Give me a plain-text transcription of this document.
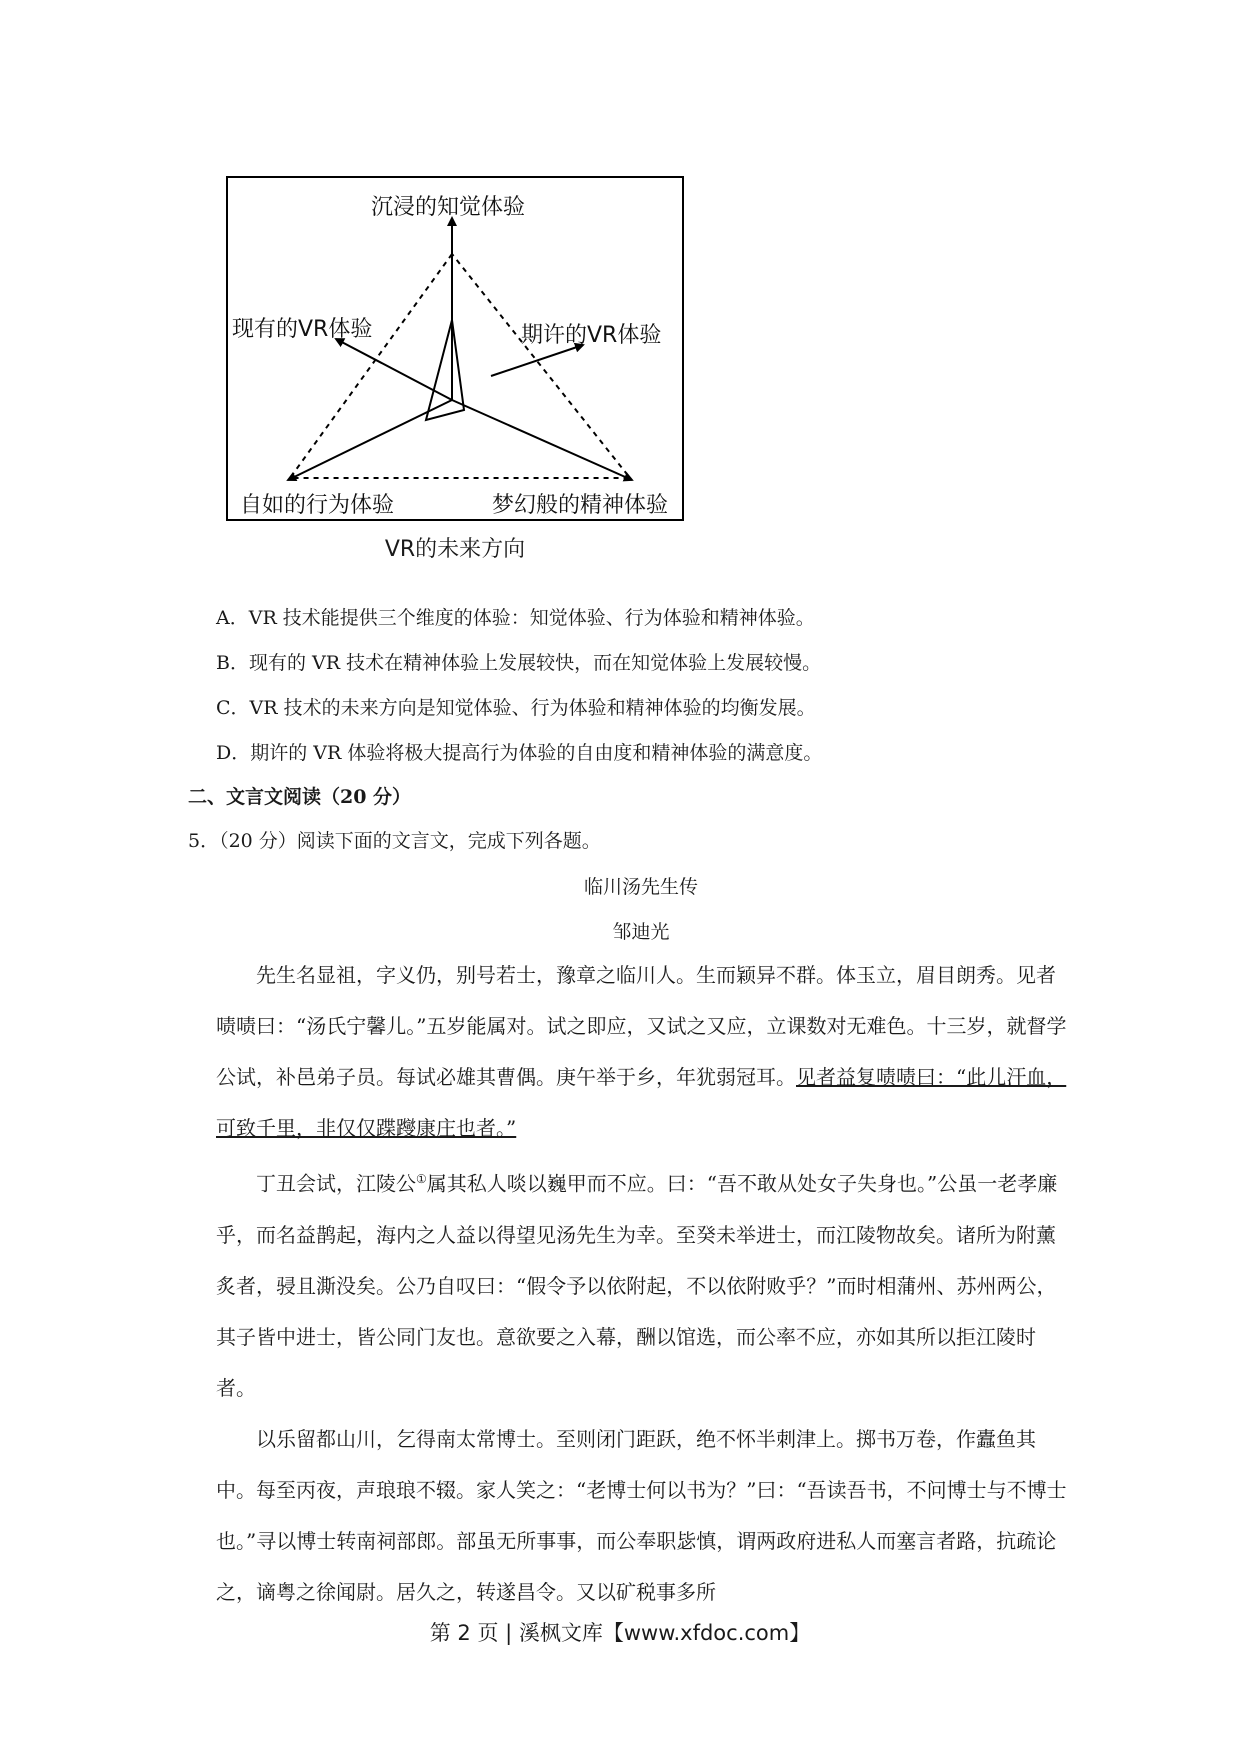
沉浸的知觉体验
现有的VR体验	期许的VR体验
自如的行为体验	梦幻般的精神体验
VR的未来方向
A．VR 技术能提供三个维度的体验：知觉体验、行为体验和精神体验。
B．现有的 VR 技术在精神体验上发展较快，而在知觉体验上发展较慢。
C．VR 技术的未来方向是知觉体验、行为体验和精神体验的均衡发展。
D．期许的 VR 体验将极大提高行为体验的自由度和精神体验的满意度。
二、文言文阅读（20 分）
5．（20 分）阅读下面的文言文，完成下列各题。
临川汤先生传
邹迪光

先生名显祖，字义仍，别号若士，豫章之临川人。生而颖异不群。体玉立，眉目朗秀。见者啧啧曰：“汤氏宁馨儿。”五岁能属对。试之即应，又试之又应，立课数对无难色。十三岁，就督学公试，补邑弟子员。每试必雄其曹偶。庚午举于乡，年犹弱冠耳。见者益复啧啧曰：“此儿汗血，可致千里，非仅仅蹀躞康庄也者。”

丁丑会试，江陵公①属其私人啖以巍甲而不应。曰：“吾不敢从处女子失身也。”公虽一老孝廉乎，而名益鹊起，海内之人益以得望见汤先生为幸。至癸未举进士，而江陵物故矣。诸所为附薰炙者，骎且澌没矣。公乃自叹曰：“假令予以依附起，不以依附败乎？”而时相蒲州、苏州两公，其子皆中进士，皆公同门友也。意欲要之入幕，酬以馆选，而公率不应，亦如其所以拒江陵时者。

以乐留都山川，乞得南太常博士。至则闭门距跃，绝不怀半刺津上。掷书万卷，作蠹鱼其中。每至丙夜，声琅琅不辍。家人笑之：“老博士何以书为？”曰：“吾读吾书，不问博士与不博士也。”寻以博士转南祠部郎。部虽无所事事，而公奉职毖慎，谓两政府进私人而塞言者路，抗疏论之，谪粤之徐闻尉。居久之，转遂昌令。又以矿税事多所

第 2 页 | 溪枫文库【www.xfdoc.com】
